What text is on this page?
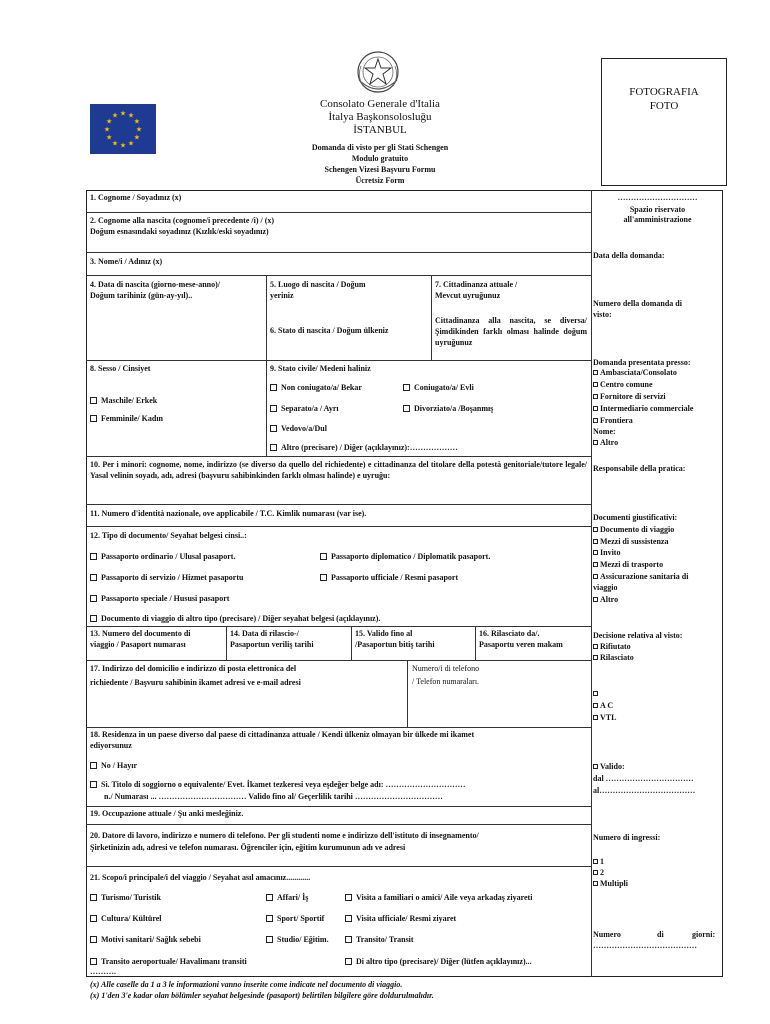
★ ★
★
★
★
★
★
★
★
★
★
★
Consolato Generale d'Italia
İtalya Başkonsolosluğu
İSTANBUL
Domanda di visto per gli Stati Schengen
Modulo gratuito
Schengen Vizesi Başvuru Formu
Ücretsiz Form
FOTOGRAFIA
FOTO
1. Cognome / Soyadınız (x)
2. Cognome alla nascita (cognome/i precedente /i) / (x)
Doğum esnasındaki soyadınız (Kızlık/eski soyadınız)
3. Nome/i / Adınız (x)
4. Data di nascita (giorno-mese-anno)/
Doğum tarihiniz (gün-ay-yıl)..
5. Luogo di nascita / Doğum
yeriniz
6. Stato di nascita / Doğum ülkeniz
7. Cittadinanza attuale /
Mevcut uyruğunuz
Cittadinanza alla nascita, se diversa/ Şimdikinden farklı olması halinde doğum uyruğunuz
8. Sesso / Cinsiyet
Maschile/ Erkek
Femminile/ Kadın
9. Stato civile/ Medeni haliniz
Non coniugato/a/ Bekar	Coniugato/a/ Evli
Separato/a / Ayrı	Divorziato/a /Boşanmış
Vedovo/a/Dul
Altro (precisare) / Diğer (açıklayınız):………………
10. Per i minori: cognome, nome, indirizzo (se diverso da quello del richiedente) e cittadinanza del titolare della potestà genitoriale/tutore legale/ Yasal velinin soyadı, adı, adresi (başvuru sahibinkinden farklı olması halinde) e uyruğu:
11. Numero d'identità nazionale, ove applicabile / T.C. Kimlik numarası (var ise).
12. Tipo di documento/ Seyahat belgesi cinsi..:
Passaporto ordinario / Ulusal pasaport.	Passaporto diplomatico / Diplomatik pasaport.
Passaporto di servizio / Hizmet pasaportu	Passaporto ufficiale / Resmi pasaport
Passaporto speciale / Hususi pasaport
Documento di viaggio di altro tipo (precisare) / Diğer seyahat belgesi (açıklayınız).
13. Numero del documento di
viaggio / Pasaport numarası
14. Data di rilascio-/
Pasaportun veriliş tarihi
15. Valido fino al
/Pasaportun bitiş tarihi
16. Rilasciato da/.
Pasaportu veren makam
17. Indirizzo del domicilio e indirizzo di posta elettronica del
richiedente / Başvuru sahibinin ikamet adresi ve e-mail adresi
Numero/i di telefono
/ Telefon numaraları.
18. Residenza in un paese diverso dal paese di cittadinanza attuale / Kendi ülkeniz olmayan bir ülkede mi ikamet
ediyorsunuz
No / Hayır
Sì. Titolo di soggiorno o equivalente/ Evet. İkamet tezkeresi veya eşdeğer belge adı: …………………………
n./ Numarası ... …………………………… Valido fino al/ Geçerlilik tarihi ……………………………
19. Occupazione attuale / Şu anki mesleğiniz.
20. Datore di lavoro, indirizzo e numero di telefono. Per gli studenti nome e indirizzo dell'istituto di insegnamento/
Şirketinizin adı, adresi ve telefon numarası. Öğrenciler için, eğitim kurumunun adı ve adresi
21. Scopo/i principale/i del viaggio / Seyahat asıl amacınız............
Turismo/ Turistik	Affari/ İş	Visita a familiari o amici/ Aile veya arkadaş ziyareti
Cultura/ Kültürel	Sport/ Sportif	Visita ufficiale/ Resmi ziyaret
Motivi sanitari/ Sağlık sebebi	Studio/ Eğitim.	Transito/ Transit
Transito aeroportuale/ Havalimanı transiti	Di altro tipo (precisare)/ Diğer (lütfen açıklayınız)...
……….
(x) Alle caselle da 1 a 3 le informazioni vanno inserite come indicate nel documento di viaggio.
(x) 1'den 3'e kadar olan bölümler seyahat belgesinde (pasaport) belirtilen bilgilere göre doldurulmalıdır.
…………………………
Spazio riservato
all'amministrazione
Data della domanda:
Numero della domanda di
visto:
Domanda presentata presso:
Ambasciata/Consolato
Centro comune
Fornitore di servizi
Intermediario commerciale
Frontiera
Nome:
Altro
Responsabile della pratica:
Documenti giustificativi:
Documento di viaggio
Mezzi di sussistenza
Invito
Mezzi di trasporto
Assicurazione sanitaria di
viaggio
Altro
Decisione relativa al visto:
Rifiutato
Rilasciato
A C
VTL
Valido:
dal ……………………………
al………………………………
Numero di ingressi:
1
2
Multipli
Numero	di	giorni:
…………………………………
